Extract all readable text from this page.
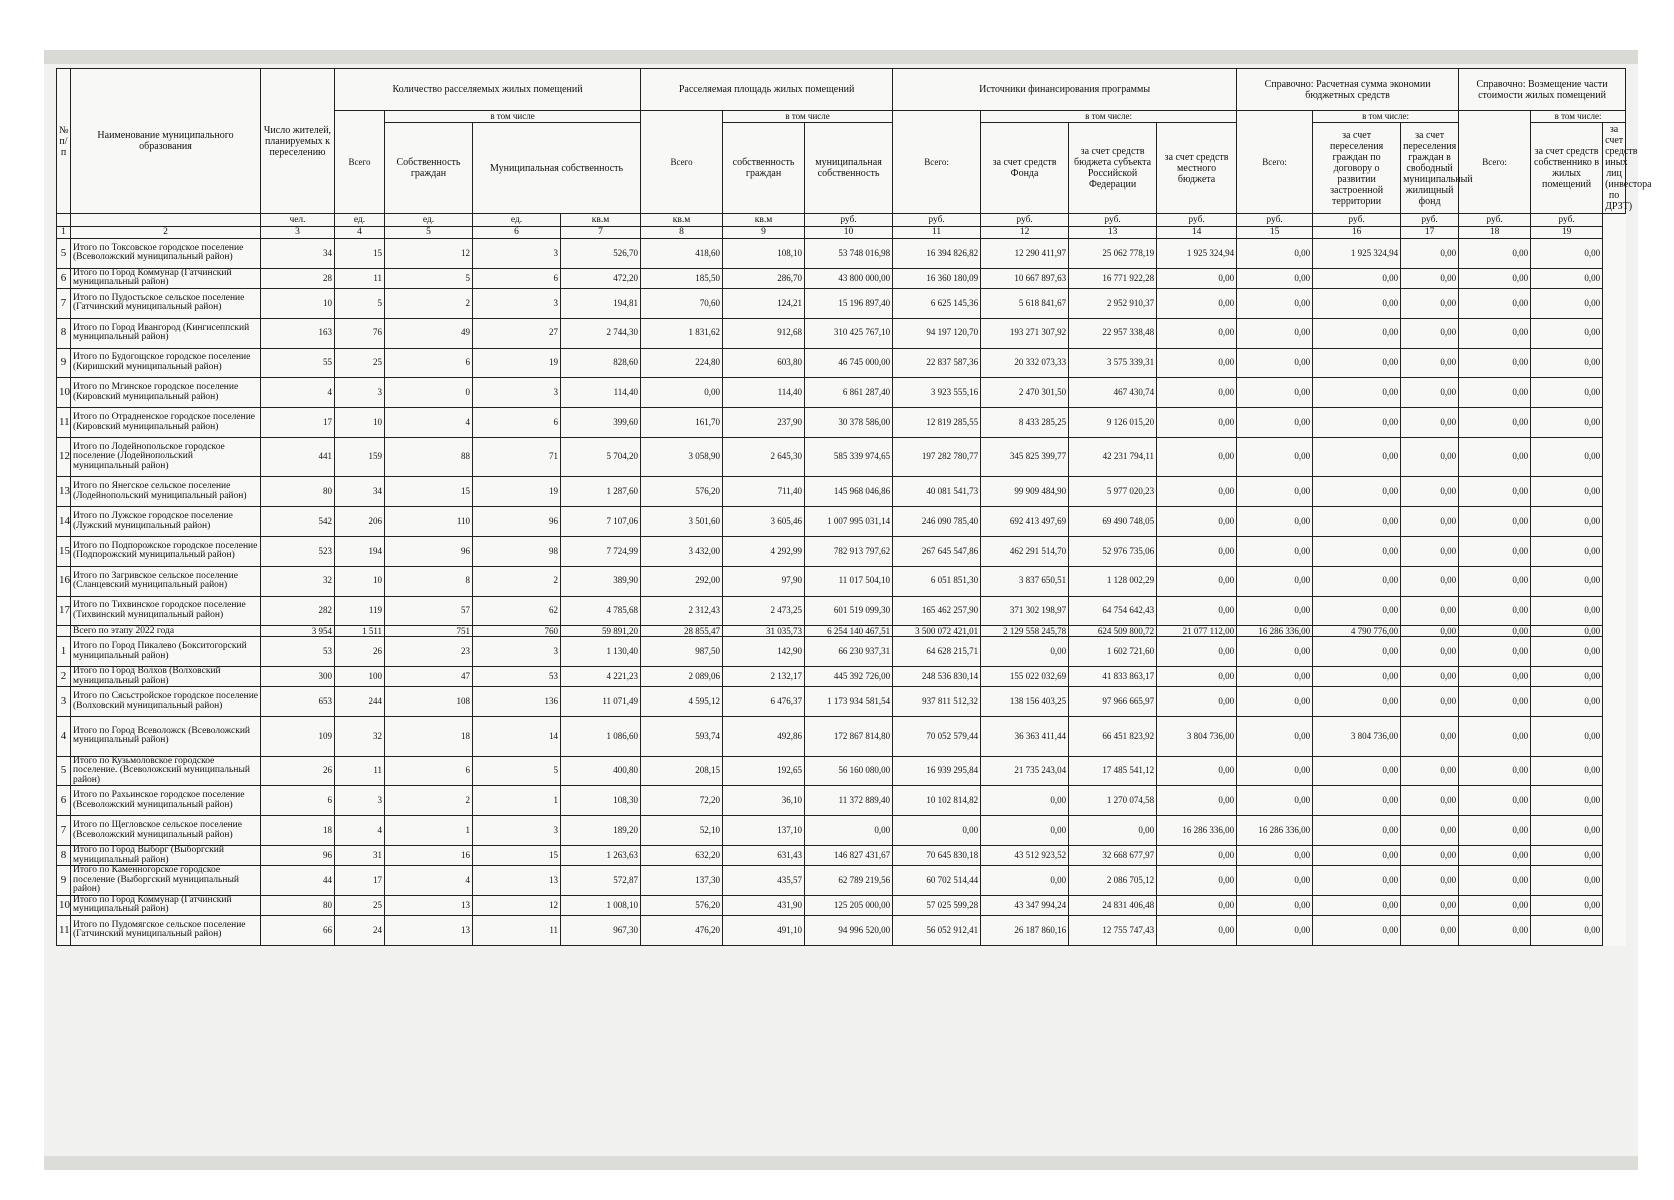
№ п/ п	Наименование муниципального образования	Число жителей, планируемых к переселению	Количество расселяемых жилых помещений				Расселяемая площадь жилых помещений			Источники финансирования программы				Справочно: Расчетная сумма экономии бюджетных средств			Справочно: Возмещение части стоимости жилых помещений		
			Всего	в том числе			Всего	в том числе		Всего:	в том числе:			Всего:	в том числе:		Всего:	в том числе:	
				Собственность граждан	Муниципальная собственность			собственность граждан	муниципальная собственность		за счет средств Фонда	за счет средств бюджета субъекта Российской Федерации	за счет средств местного бюджета		за счет переселения граждан по договору о развитии застроенной территории	за счет переселения граждан в свободный муниципальный жилищный фонд		за счет средств собственнико в жилых помещений	за счет средств иных лиц (инвестора по ДРЗТ)
		чел.	ед.	ед.	ед.	кв.м	кв.м	кв.м	руб.	руб.	руб.	руб.	руб.	руб.	руб.	руб.	руб.	руб.	
1	2	3	4	5	6	7	8	9	10	11	12	13	14	15	16	17	18	19	
5	Итого по Токсовское городское поселение (Всеволожский муниципальный район)	34	15	12	3	526,70	418,60	108,10	53 748 016,98	16 394 826,82	12 290 411,97	25 062 778,19	1 925 324,94	0,00	1 925 324,94	0,00	0,00	0,00	
6	Итого по Город Коммунар (Гатчинский муниципальный район)	28	11	5	6	472,20	185,50	286,70	43 800 000,00	16 360 180,09	10 667 897,63	16 771 922,28	0,00	0,00	0,00	0,00	0,00	0,00	
7	Итого по Пудостьское сельское поселение (Гатчинский муниципальный район)	10	5	2	3	194,81	70,60	124,21	15 196 897,40	6 625 145,36	5 618 841,67	2 952 910,37	0,00	0,00	0,00	0,00	0,00	0,00	
8	Итого по Город Ивангород (Кингисеппский муниципальный район)	163	76	49	27	2 744,30	1 831,62	912,68	310 425 767,10	94 197 120,70	193 271 307,92	22 957 338,48	0,00	0,00	0,00	0,00	0,00	0,00	
9	Итого по Будогощское городское поселение (Киришский муниципальный район)	55	25	6	19	828,60	224,80	603,80	46 745 000,00	22 837 587,36	20 332 073,33	3 575 339,31	0,00	0,00	0,00	0,00	0,00	0,00	
10	Итого по Мгинское городское поселение (Кировский муниципальный район)	4	3	0	3	114,40	0,00	114,40	6 861 287,40	3 923 555,16	2 470 301,50	467 430,74	0,00	0,00	0,00	0,00	0,00	0,00	
11	Итого по Отрадненское городское поселение (Кировский муниципальный район)	17	10	4	6	399,60	161,70	237,90	30 378 586,00	12 819 285,55	8 433 285,25	9 126 015,20	0,00	0,00	0,00	0,00	0,00	0,00	
12	Итого по Лодейнопольское городское поселение (Лодейнопольский муниципальный район)	441	159	88	71	5 704,20	3 058,90	2 645,30	585 339 974,65	197 282 780,77	345 825 399,77	42 231 794,11	0,00	0,00	0,00	0,00	0,00	0,00	
13	Итого по Янегское сельское поселение (Лодейнопольский муниципальный район)	80	34	15	19	1 287,60	576,20	711,40	145 968 046,86	40 081 541,73	99 909 484,90	5 977 020,23	0,00	0,00	0,00	0,00	0,00	0,00	
14	Итого по Лужское городское поселение (Лужский муниципальный район)	542	206	110	96	7 107,06	3 501,60	3 605,46	1 007 995 031,14	246 090 785,40	692 413 497,69	69 490 748,05	0,00	0,00	0,00	0,00	0,00	0,00	
15	Итого по Подпорожское городское поселение (Подпорожский муниципальный район)	523	194	96	98	7 724,99	3 432,00	4 292,99	782 913 797,62	267 645 547,86	462 291 514,70	52 976 735,06	0,00	0,00	0,00	0,00	0,00	0,00	
16	Итого по Загривское сельское поселение (Сланцевский муниципальный район)	32	10	8	2	389,90	292,00	97,90	11 017 504,10	6 051 851,30	3 837 650,51	1 128 002,29	0,00	0,00	0,00	0,00	0,00	0,00	
17	Итого по Тихвинское городское поселение (Тихвинский муниципальный район)	282	119	57	62	4 785,68	2 312,43	2 473,25	601 519 099,30	165 462 257,90	371 302 198,97	64 754 642,43	0,00	0,00	0,00	0,00	0,00	0,00	
	Всего по этапу 2022 года	3 954	1 511	751	760	59 891,20	28 855,47	31 035,73	6 254 140 467,51	3 500 072 421,01	2 129 558 245,78	624 509 800,72	21 077 112,00	16 286 336,00	4 790 776,00	0,00	0,00	0,00	
1	Итого по Город Пикалево (Бокситогорский муниципальный район)	53	26	23	3	1 130,40	987,50	142,90	66 230 937,31	64 628 215,71	0,00	1 602 721,60	0,00	0,00	0,00	0,00	0,00	0,00	
2	Итого по Город Волхов (Волховский муниципальный район)	300	100	47	53	4 221,23	2 089,06	2 132,17	445 392 726,00	248 536 830,14	155 022 032,69	41 833 863,17	0,00	0,00	0,00	0,00	0,00	0,00	
3	Итого по Сясьстройское городское поселение (Волховский муниципальный район)	653	244	108	136	11 071,49	4 595,12	6 476,37	1 173 934 581,54	937 811 512,32	138 156 403,25	97 966 665,97	0,00	0,00	0,00	0,00	0,00	0,00	
4	Итого по Город Всеволожск (Всеволожский муниципальный район)	109	32	18	14	1 086,60	593,74	492,86	172 867 814,80	70 052 579,44	36 363 411,44	66 451 823,92	3 804 736,00	0,00	3 804 736,00	0,00	0,00	0,00	
5	Итого по Кузьмоловское городское поселение. (Всеволожский муниципальный район)	26	11	6	5	400,80	208,15	192,65	56 160 080,00	16 939 295,84	21 735 243,04	17 485 541,12	0,00	0,00	0,00	0,00	0,00	0,00	
6	Итого по Рахьинское городское поселение (Всеволожский муниципальный район)	6	3	2	1	108,30	72,20	36,10	11 372 889,40	10 102 814,82	0,00	1 270 074,58	0,00	0,00	0,00	0,00	0,00	0,00	
7	Итого по Щегловское сельское поселение (Всеволожский муниципальный район)	18	4	1	3	189,20	52,10	137,10	0,00	0,00	0,00	0,00	16 286 336,00	16 286 336,00	0,00	0,00	0,00	0,00	
8	Итого по Город Выборг (Выборгский муниципальный район)	96	31	16	15	1 263,63	632,20	631,43	146 827 431,67	70 645 830,18	43 512 923,52	32 668 677,97	0,00	0,00	0,00	0,00	0,00	0,00	
9	Итого по Каменногорское городское поселение (Выборгский муниципальный район)	44	17	4	13	572,87	137,30	435,57	62 789 219,56	60 702 514,44	0,00	2 086 705,12	0,00	0,00	0,00	0,00	0,00	0,00	
10	Итого по Город Коммунар (Гатчинский муниципальный район)	80	25	13	12	1 008,10	576,20	431,90	125 205 000,00	57 025 599,28	43 347 994,24	24 831 406,48	0,00	0,00	0,00	0,00	0,00	0,00	
11	Итого по Пудомягское сельское поселение (Гатчинский муниципальный район)	66	24	13	11	967,30	476,20	491,10	94 996 520,00	56 052 912,41	26 187 860,16	12 755 747,43	0,00	0,00	0,00	0,00	0,00	0,00	
